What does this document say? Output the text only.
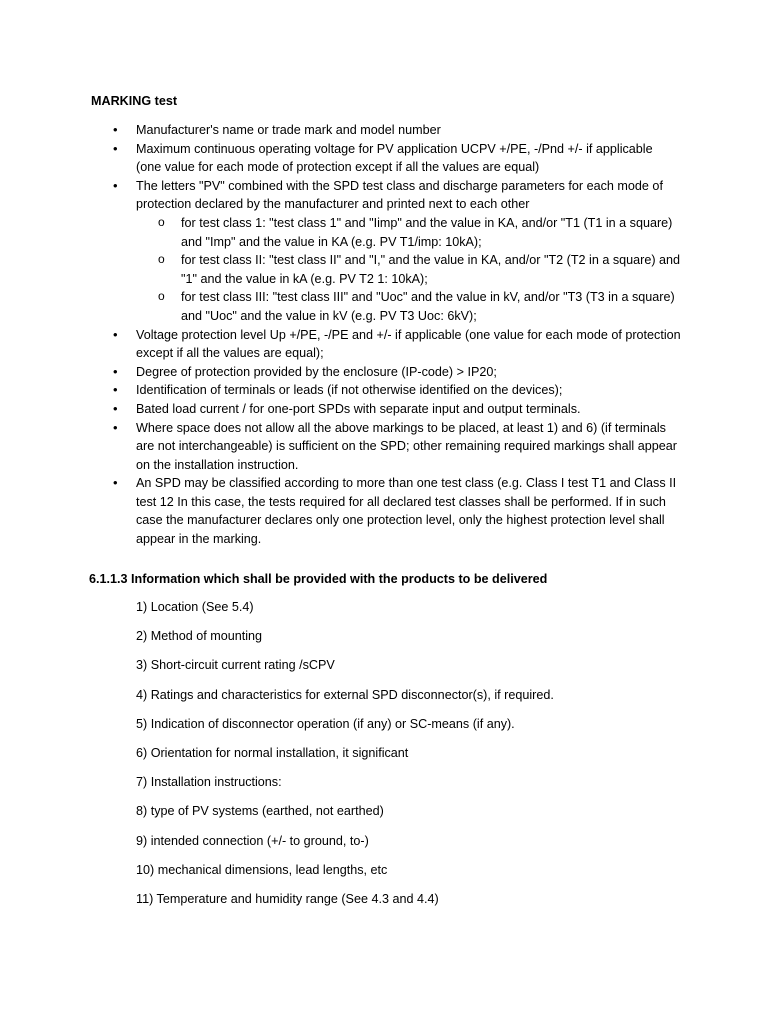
MARKING test

• Manufacturer's name or trade mark and model number
• Maximum continuous operating voltage for PV application UCPV +/PE, -/Pnd +/- if applicable (one value for each mode of protection except if all the values are equal)
• The letters "PV" combined with the SPD test class and discharge parameters for each mode of protection declared by the manufacturer and printed next to each other
o for test class 1: "test class 1" and "Iimp" and the value in KA, and/or "T1 (T1 in a square) and "Imp" and the value in KA (e.g. PV T1/imp: 10kA);
o for test class II: "test class II" and "I," and the value in KA, and/or "T2 (T2 in a square) and "1" and the value in kA (e.g. PV T2 1: 10kA);
o for test class III: "test class III" and "Uoc" and the value in kV, and/or "T3 (T3 in a square) and "Uoc" and the value in kV (e.g. PV T3 Uoc: 6kV);
• Voltage protection level Up +/PE, -/PE and +/- if applicable (one value for each mode of protection except if all the values are equal);
• Degree of protection provided by the enclosure (IP-code) > IP20;
• Identification of terminals or leads (if not otherwise identified on the devices);
• Bated load current / for one-port SPDs with separate input and output terminals.
• Where space does not allow all the above markings to be placed, at least 1) and 6) (if terminals are not interchangeable) is sufficient on the SPD; other remaining required markings shall appear on the installation instruction.
• An SPD may be classified according to more than one test class (e.g. Class I test T1 and Class II test 12 In this case, the tests required for all declared test classes shall be performed. If in such case the manufacturer declares only one protection level, only the highest protection level shall appear in the marking.

6.1.1.3 Information which shall be provided with the products to be delivered

1) Location (See 5.4)
2) Method of mounting
3) Short-circuit current rating /sCPV
4) Ratings and characteristics for external SPD disconnector(s), if required.
5) Indication of disconnector operation (if any) or SC-means (if any).
6) Orientation for normal installation, it significant
7) Installation instructions:
8) type of PV systems (earthed, not earthed)
9) intended connection (+/- to ground, to-)
10) mechanical dimensions, lead lengths, etc
11) Temperature and humidity range (See 4.3 and 4.4)
